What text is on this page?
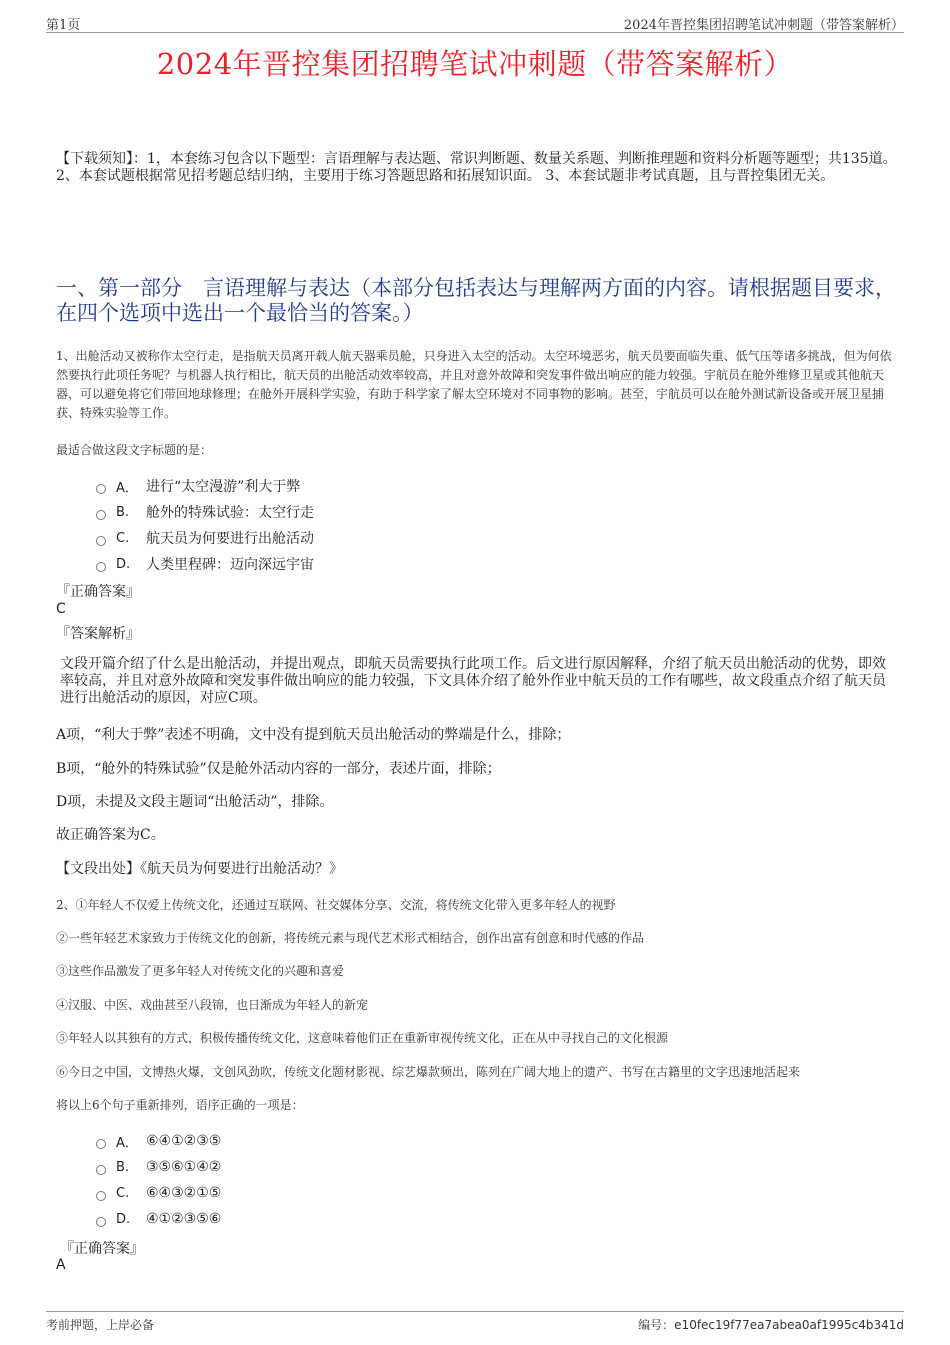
第1页	2024年晋控集团招聘笔试冲刺题（带答案解析）
2024年晋控集团招聘笔试冲刺题（带答案解析）
【下载须知】：1，本套练习包含以下题型：言语理解与表达题、常识判断题、数量关系题、判断推理题和资料分析题等题型；共135道。 2、本套试题根据常见招考题总结归纳，主要用于练习答题思路和拓展知识面。 3、本套试题非考试真题，且与晋控集团无关。
一、第一部分　言语理解与表达（本部分包括表达与理解两方面的内容。请根据题目要求，在四个选项中选出一个最恰当的答案。）
1、出舱活动又被称作太空行走，是指航天员离开载人航天器乘员舱，只身进入太空的活动。太空环境恶劣，航天员要面临失重、低气压等诸多挑战，但为何依然要执行此项任务呢？与机器人执行相比，航天员的出舱活动效率较高，并且对意外故障和突发事件做出响应的能力较强。宇航员在舱外维修卫星或其他航天器，可以避免将它们带回地球修理；在舱外开展科学实验，有助于科学家了解太空环境对不同事物的影响。甚至，宇航员可以在舱外测试新设备或开展卫星捕获、特殊实验等工作。
最适合做这段文字标题的是：
A． 进行“太空漫游”利大于弊
B.	舱外的特殊试验：太空行走
C.	航天员为何要进行出舱活动
D.	人类里程碑：迈向深远宇宙
『正确答案』
C
『答案解析』
文段开篇介绍了什么是出舱活动，并提出观点，即航天员需要执行此项工作。后文进行原因解释，介绍了航天员出舱活动的优势，即效率较高，并且对意外故障和突发事件做出响应的能力较强，下文具体介绍了舱外作业中航天员的工作有哪些，故文段重点介绍了航天员进行出舱活动的原因，对应C项。
A项，“利大于弊”表述不明确，文中没有提到航天员出舱活动的弊端是什么，排除；
B项，“舱外的特殊试验”仅是舱外活动内容的一部分，表述片面，排除；
D项，未提及文段主题词“出舱活动”，排除。
故正确答案为C。
【文段出处】《航天员为何要进行出舱活动？》
2、①年轻人不仅爱上传统文化，还通过互联网、社交媒体分享、交流，将传统文化带入更多年轻人的视野
②一些年轻艺术家致力于传统文化的创新，将传统元素与现代艺术形式相结合，创作出富有创意和时代感的作品
③这些作品激发了更多年轻人对传统文化的兴趣和喜爱
④汉服、中医、戏曲甚至八段锦，也日渐成为年轻人的新宠
⑤年轻人以其独有的方式，积极传播传统文化，这意味着他们正在重新审视传统文化，正在从中寻找自己的文化根源
⑥今日之中国，文博热火爆，文创风劲吹，传统文化题材影视、综艺爆款频出，陈列在广阔大地上的遗产、书写在古籍里的文字迅速地活起来
将以上6个句子重新排列，语序正确的一项是：
A． ⑥④①②③⑤
B.	③⑤⑥①④②
C.	⑥④③②①⑤
D.	④①②③⑤⑥
『正确答案』
A
考前押题，上岸必备	编号：e10fec19f77ea7abea0af1995c4b341d
